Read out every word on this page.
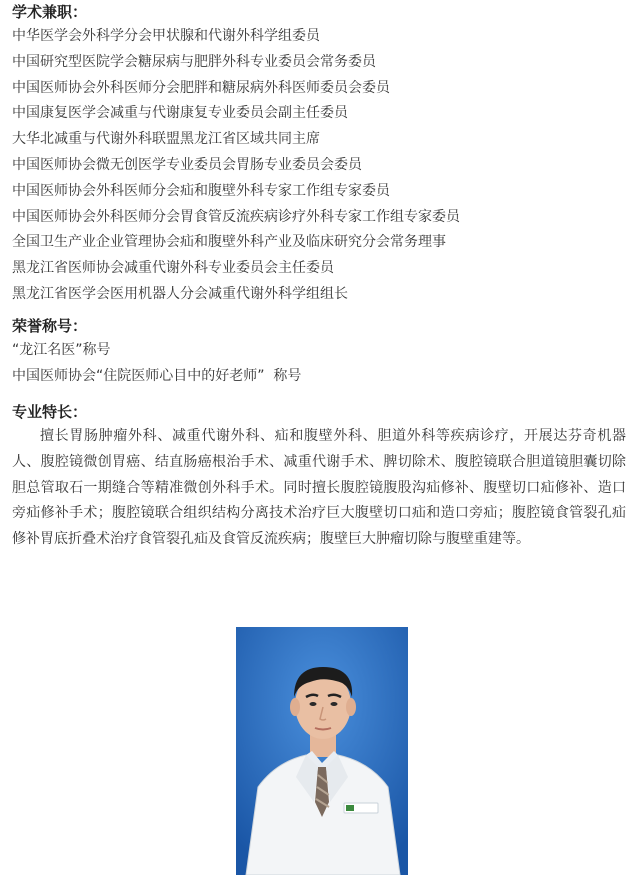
学术兼职：

中华医学会外科学分会甲状腺和代谢外科学组委员

中国研究型医院学会糖尿病与肥胖外科专业委员会常务委员

中国医师协会外科医师分会肥胖和糖尿病外科医师委员会委员

中国康复医学会减重与代谢康复专业委员会副主任委员

大华北减重与代谢外科联盟黑龙江省区域共同主席

中国医师协会微无创医学专业委员会胃肠专业委员会委员

中国医师协会外科医师分会疝和腹壁外科专家工作组专家委员

中国医师协会外科医师分会胃食管反流疾病诊疗外科专家工作组专家委员

全国卫生产业企业管理协会疝和腹壁外科产业及临床研究分会常务理事

黑龙江省医师协会减重代谢外科专业委员会主任委员

黑龙江省医学会医用机器人分会减重代谢外科学组组长

荣誉称号：

“龙江名医”称号

中国医师协会“住院医师心目中的好老师”  称号

专业特长：

擅长胃肠肿瘤外科、减重代谢外科、疝和腹壁外科、胆道外科等疾病诊疗，开展达芬奇机器人、腹腔镜微创胃癌、结直肠癌根治手术、减重代谢手术、脾切除术、腹腔镜联合胆道镜胆囊切除胆总管取石一期缝合等精准微创外科手术。同时擅长腹腔镜腹股沟疝修补、腹壁切口疝修补、造口旁疝修补手术；腹腔镜联合组织结构分离技术治疗巨大腹壁切口疝和造口旁疝；腹腔镜食管裂孔疝修补胃底折叠术治疗食管裂孔疝及食管反流疾病；腹壁巨大肿瘤切除与腹壁重建等。
